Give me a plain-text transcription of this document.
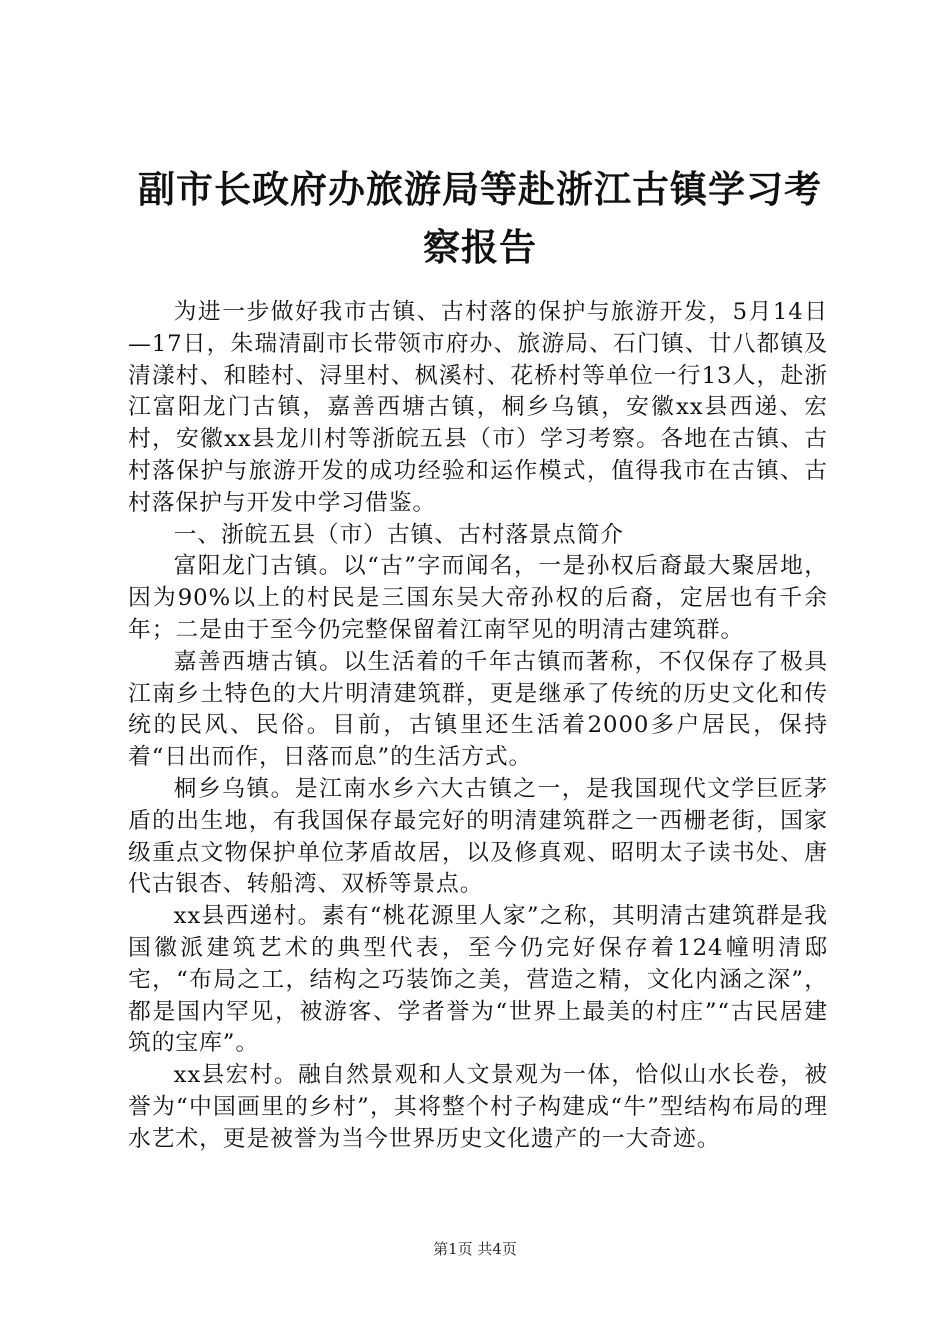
副市长政府办旅游局等赴浙江古镇学习考察报告

为进一步做好我市古镇、古村落的保护与旅游开发，5月14日—17日，朱瑞清副市长带领市府办、旅游局、石门镇、廿八都镇及清漾村、和睦村、浔里村、枫溪村、花桥村等单位一行13人，赴浙江富阳龙门古镇，嘉善西塘古镇，桐乡乌镇，安徽xx县西递、宏村，安徽xx县龙川村等浙皖五县（市）学习考察。各地在古镇、古村落保护与旅游开发的成功经验和运作模式，值得我市在古镇、古村落保护与开发中学习借鉴。

一、浙皖五县（市）古镇、古村落景点简介

富阳龙门古镇。以“古”字而闻名，一是孙权后裔最大聚居地，因为90%以上的村民是三国东吴大帝孙权的后裔，定居也有千余年；二是由于至今仍完整保留着江南罕见的明清古建筑群。

嘉善西塘古镇。以生活着的千年古镇而著称，不仅保存了极具江南乡土特色的大片明清建筑群，更是继承了传统的历史文化和传统的民风、民俗。目前，古镇里还生活着2000多户居民，保持着“日出而作，日落而息”的生活方式。

桐乡乌镇。是江南水乡六大古镇之一，是我国现代文学巨匠茅盾的出生地，有我国保存最完好的明清建筑群之一西栅老街，国家级重点文物保护单位茅盾故居，以及修真观、昭明太子读书处、唐代古银杏、转船湾、双桥等景点。

xx县西递村。素有“桃花源里人家”之称，其明清古建筑群是我国徽派建筑艺术的典型代表，至今仍完好保存着124幢明清邸宅，“布局之工，结构之巧装饰之美，营造之精，文化内涵之深”，都是国内罕见，被游客、学者誉为“世界上最美的村庄”“古民居建筑的宝库”。

xx县宏村。融自然景观和人文景观为一体，恰似山水长卷，被誉为“中国画里的乡村”，其将整个村子构建成“牛”型结构布局的理水艺术，更是被誉为当今世界历史文化遗产的一大奇迹。

第1页 共4页
